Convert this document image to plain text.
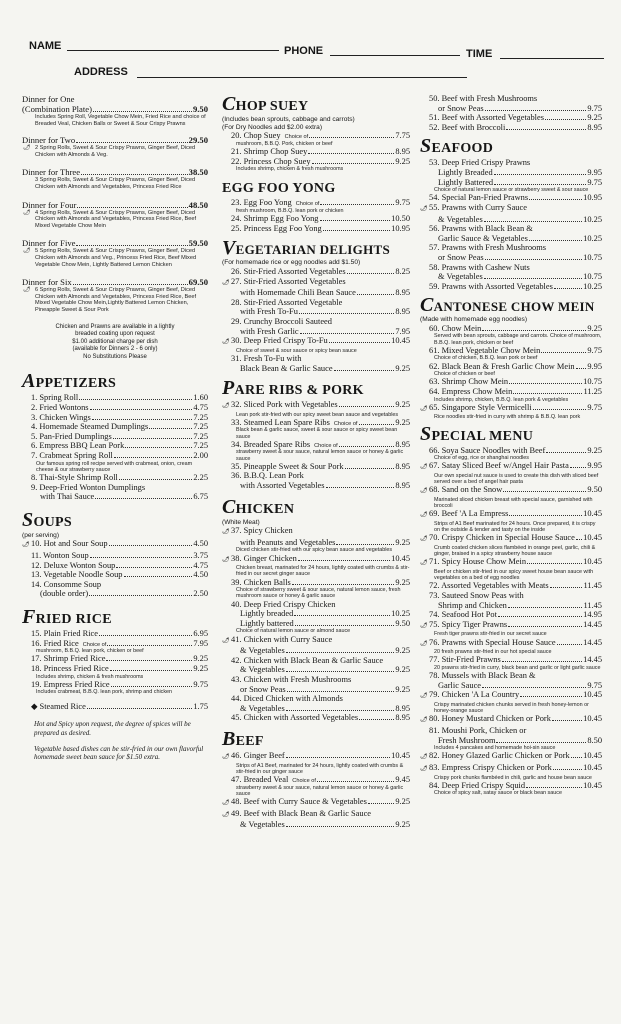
NAME	PHONE	TIME
ADDRESS
Dinner for One
(Combination Plate)	9.50
Includes Spring Roll, Vegetable Chow Mein, Fried Rice and choice of Breaded Veal, Chicken Balls or Sweet & Sour Crispy Prawns
Dinner for Two	29.50
🌶 2 Spring Rolls, Sweet & Sour Crispy Prawns, Ginger Beef, Diced Chicken with Almonds & Veg.
Dinner for Three	38.50
3 Spring Rolls, Sweet & Sour Crispy Prawns, Ginger Beef, Diced Chicken with Almonds and Vegetables, Princess Fried Rice
Dinner for Four	48.50
🌶 4 Spring Rolls, Sweet & Sour Crispy Prawns, Ginger Beef, Diced Chicken with Almonds and Vegetables, Princess Fried Rice, Beef Mixed Vegetable Chow Mein
Dinner for Five	59.50
🌶 5 Spring Rolls, Sweet & Sour Crispy Prawns, Ginger Beef, Diced Chicken with Almonds and Veg., Princess Fried Rice, Beef Mixed Vegetable Chow Mein, Lightly Battered Lemon Chicken
Dinner for Six	69.50
🌶 6 Spring Rolls, Sweet & Sour Crispy Prawns, Ginger Beef, Diced Chicken with Almonds and Vegetables, Princess Fried Rice, Beef Mixed Vegetable Chow Mein,Lightly Battered Lemon Chicken, Pineapple Sweet & Sour Pork
Chicken and Prawns are available in a lightly
breaded coating upon request
$1.00 additional charge per dish
(available for Dinners 2 - 6 only)
No Substitutions Please
APPETIZERS
1. Spring Roll	1.60
2. Fried Wontons	4.75
3. Chicken Wings	7.25
4. Homemade Steamed Dumplings	7.25
5. Pan-Fried Dumplings	7.25
6. Empress BBQ Lean Pork	7.25
7. Crabmeat Spring Roll	2.00
Our famous spring roll recipe served with crabmeat, onion, cream cheese & our strawberry sauce
8. Thai-Style Shrimp Roll	2.25
9. Deep-Fried Wonton Dumplings
with Thai Sauce	6.75
SOUPS
(per serving)
🌶 10. Hot and Sour Soup	4.50
11. Wonton Soup	3.75
12. Deluxe Wonton Soup	4.75
13. Vegetable Noodle Soup	4.50
14. Consomme Soup
(double order)	2.50
FRIED RICE
15. Plain Fried Rice	6.95
16. Fried Rice Choice of	7.95
mushroom, B.B.Q. lean pork, chicken or beef
17. Shrimp Fried Rice	9.25
18. Princess Fried Rice	9.25
Includes shrimp, chicken & fresh mushrooms
19. Empress Fried Rice	9.75
Includes crabmeat, B.B.Q. lean pork, shrimp and chicken
◆ Steamed Rice	1.75
Hot and Spicy upon request, the degree of spices will be prepared as desired.
Vegetable based dishes can be stir-fried in our own flavorful homemade sweet bean sauce for $1.50 extra.
CHOP SUEY
(Includes bean sprouts, cabbage and carrots)
(For Dry Noodles add $2.00 extra)
20. Chop Suey Choice of	7.75
mushroom, B.B.Q. Pork, chicken or beef
21. Shrimp Chop Suey	8.95
22. Princess Chop Suey	9.25
Includes shrimp, chicken & fresh mushrooms
EGG FOO YONG
23. Egg Foo Yong Choice of	9.75
fresh mushroom, B.B.Q. lean pork or chicken
24. Shrimp Egg Foo Yong	10.50
25. Princess Egg Foo Yong	10.95
VEGETARIAN DELIGHTS
(For homemade rice or egg noodles add $1.50)
26. Stir-Fried Assorted Vegetables	8.25
🌶 27. Stir-Fried Assorted Vegetables
with Homemade Chili Bean Sauce	8.95
28. Stir-Fried Assorted Vegetable
with Fresh To-Fu	8.95
29. Crunchy Broccoli Sauteed
with Fresh Garlic	7.95
🌶 30. Deep Fried Crispy To-Fu	10.45
Choice of sweet & sour sauce or spicy bean sauce
31. Fresh To-Fu with
Black Bean & Garlic Sauce	9.25
PARE RIBS & PORK
🌶 32. Sliced Pork with Vegetables	9.25
Lean pork stir-fried with our spicy sweet bean sauce and vegetables
33. Steamed Lean Spare Ribs Choice of	9.25
Black bean & garlic sauce, sweet & sour sauce or spicy sweet bean sauce
34. Breaded Spare Ribs Choice of	8.95
strawberry sweet & sour sauce, natural lemon sauce or honey & garlic sauce
35. Pineapple Sweet & Sour Pork	8.95
36. B.B.Q. Lean Pork
with Assorted Vegetables	8.95
CHICKEN
(White Meat)
🌶 37. Spicy Chicken
with Peanuts and Vegetables	9.25
Diced chicken stir-fried with our spicy bean sauce and vegetables
🌶 38. Ginger Chicken	10.45
Chicken breast, marinated for 24 hours, lightly coated with crumbs & stir-fried in our secret ginger sauce
39. Chicken Balls	9.25
Choice of strawberry sweet & sour sauce, natural lemon sauce, fresh mushroom sauce or honey & garlic sauce
40. Deep Fried Crispy Chicken
Lightly breaded	10.25
Lightly battered	9.50
Choice of natural lemon sauce or almond sauce
🌶 41. Chicken with Curry Sauce
& Vegetables	9.25
42. Chicken with Black Bean & Garlic Sauce
& Vegetables	9.25
43. Chicken with Fresh Mushrooms
or Snow Peas	9.25
44. Diced Chicken with Almonds
& Vegetables	8.95
45. Chicken with Assorted Vegetables	8.95
BEEF
🌶 46. Ginger Beef	10.45
Strips of A1 Beef, marinated for 24 hours, lightly coated with crumbs & stir-fried in our ginger sauce
47. Breaded Veal Choice of	9.45
strawberry sweet & sour sauce, natural lemon sauce or honey & garlic sauce
🌶 48. Beef with Curry Sauce & Vegetables	9.25
🌶 49. Beef with Black Bean & Garlic Sauce
& Vegetables	9.25
50. Beef with Fresh Mushrooms
or Snow Peas	9.75
51. Beef with Assorted Vegetables	9.25
52. Beef with Broccoli	8.95
SEAFOOD
53. Deep Fried Crispy Prawns
Lightly Breaded	9.95
Lightly Battered	9.75
Choice of natural lemon sauce or strawberry sweet & sour sauce
54. Special Pan-Fried Prawns	10.95
🌶 55. Prawns with Curry Sauce
& Vegetables	10.25
56. Prawns with Black Bean &
Garlic Sauce & Vegetables	10.25
57. Prawns with Fresh Mushrooms
or Snow Peas	10.75
58. Prawns with Cashew Nuts
& Vegetables	10.75
59. Prawns with Assorted Vegetables	10.25
CANTONESE CHOW MEIN
(Made with homemade egg noodles)
60. Chow Mein	9.25
Served with bean sprouts, cabbage and carrots. Choice of mushroom, B.B.Q. lean pork, chicken or beef
61. Mixed Vegetable Chow Mein	9.75
Choice of chicken, B.B.Q. lean pork or beef
62. Black Bean & Fresh Garlic Chow Mein 9.95
Choice of chicken or beef
63. Shrimp Chow Mein	10.75
64. Empress Chow Mein	11.25
Includes shrimp, chicken, B.B.Q. lean pork & vegetables
🌶 65. Singapore Style Vermicelli	9.75
Rice noodles stir-fried in curry with shrimp & B.B.Q. lean pork
SPECIAL MENU
66. Soya Sauce Noodles with Beef	9.25
Choice of egg, rice or shanghai noodles
🌶 67. Satay Sliced Beef w/Angel Hair Pasta 9.95
Our own special nut sauce is used to create this dish with sliced beef served over a bed of angel hair pasta
🌶 68. Sand on the Snow	9.50
Marinated sliced chicken breast with special sauce, garnished with broccoli
🌶 69. Beef 'A La Empress	10.45
Strips of A1 Beef marinated for 24 hours. Once prepared, it is crispy on the outside & tender and tasty on the inside
🌶 70. Crispy Chicken in Special House Sauce 10.45
Crumb coated chicken slices flambéed in orange peel, garlic, chili & ginger, braised in a spicy strawberry house sauce
🌶 71. Spicy House Chow Mein	10.45
Beef or chicken stir-fried in our spicy sweet house bean sauce with vegetables on a bed of egg noodles
72. Assorted Vegetables with Meats	11.45
73. Sauteed Snow Peas with
Shrimp and Chicken	11.45
74. Seafood Hot Pot	14.95
🌶 75. Spicy Tiger Prawns	14.45
Fresh tiger prawns stir-fried in our secret sauce
🌶 76. Prawns with Special House Sauce	14.45
20 fresh prawns stir-fried in our hot special sauce
77. Stir-Fried Prawns	14.45
20 prawns stir-fried in curry, black bean and garlic or light garlic sauce
78. Mussels with Black Bean &
Garlic Sauce	9.75
🌶 79. Chicken 'A La Country	10.45
Crispy marinated chicken chunks served in fresh honey-lemon or honey-orange sauce
🌶 80. Honey Mustard Chicken or Pork	10.45
81. Moushi Pork, Chicken or
Fresh Mushroom	8.50
Includes 4 pancakes and homemade hoi-sin sauce
🌶 82. Honey Glazed Garlic Chicken or Pork 10.45
🌶 83. Empress Crispy Chicken or Pork	10.45
Crispy pork chunks flambéed in chili, garlic and house bean sauce
84. Deep Fried Crispy Squid	10.45
Choice of spicy salt, satay sauce or black bean sauce
